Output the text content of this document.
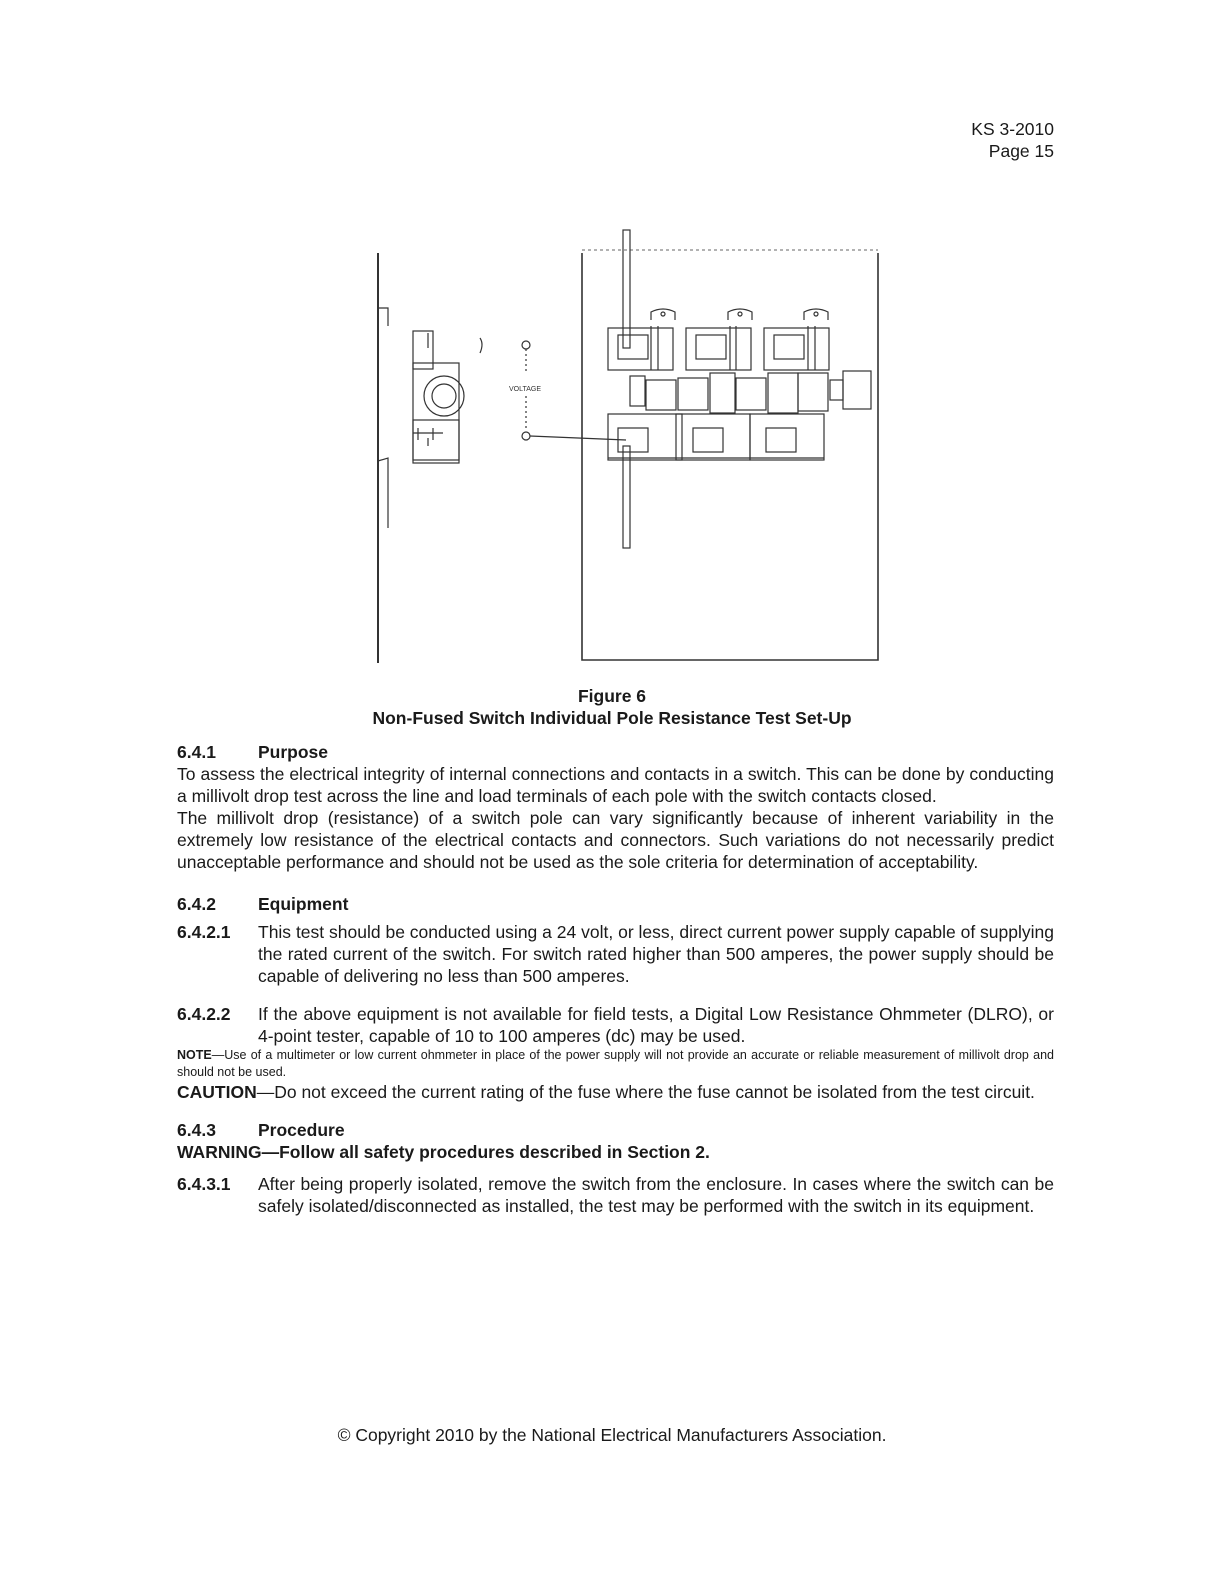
KS 3-2010
Page 15
VOLTAGE
Figure 6
Non-Fused Switch Individual Pole Resistance Test Set-Up
6.4.1	Purpose

To assess the electrical integrity of internal connections and contacts in a switch. This can be done by conducting a millivolt drop test across the line and load terminals of each pole with the switch contacts closed.

The millivolt drop (resistance) of a switch pole can vary significantly because of inherent variability in the extremely low resistance of the electrical contacts and connectors. Such variations do not necessarily predict unacceptable performance and should not be used as the sole criteria for determination of acceptability.

6.4.2	Equipment
6.4.2.1	This test should be conducted using a 24 volt, or less, direct current power supply capable of supplying the rated current of the switch. For switch rated higher than 500 amperes, the power supply should be capable of delivering no less than 500 amperes.
6.4.2.2	If the above equipment is not available for field tests, a Digital Low Resistance Ohmmeter (DLRO), or 4-point tester, capable of 10 to 100 amperes (dc) may be used.

NOTE—Use of a multimeter or low current ohmmeter in place of the power supply will not provide an accurate or reliable measurement of millivolt drop and should not be used.

CAUTION—Do not exceed the current rating of the fuse where the fuse cannot be isolated from the test circuit.

6.4.3	Procedure

WARNING—Follow all safety procedures described in Section 2.

6.4.3.1	After being properly isolated, remove the switch from the enclosure. In cases where the switch can be safely isolated/disconnected as installed, the test may be performed with the switch in its equipment.
© Copyright 2010 by the National Electrical Manufacturers Association.
